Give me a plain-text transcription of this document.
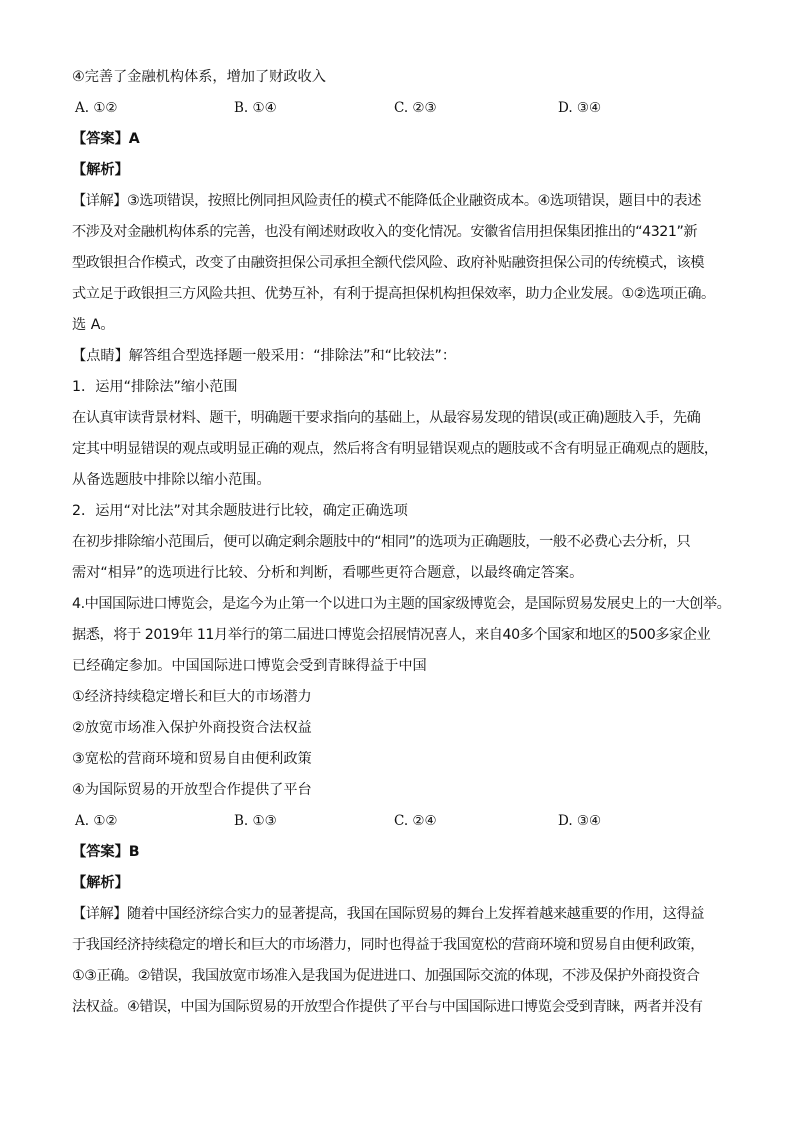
④完善了金融机构体系，增加了财政收入
A. ①②	B. ①④	C. ②③	D. ③④
【答案】A
【解析】
【详解】③选项错误，按照比例同担风险责任的模式不能降低企业融资成本。④选项错误，题目中的表述
不涉及对金融机构体系的完善，也没有阐述财政收入的变化情况。安徽省信用担保集团推出的“4321”新
型政银担合作模式，改变了由融资担保公司承担全额代偿风险、政府补贴融资担保公司的传统模式，该模
式立足于政银担三方风险共担、优势互补，有利于提高担保机构担保效率，助力企业发展。①②选项正确。
选 A。
【点睛】解答组合型选择题一般采用：“排除法”和“比较法”：
1．运用“排除法”缩小范围
在认真审读背景材料、题干，明确题干要求指向的基础上，从最容易发现的错误(或正确)题肢入手，先确
定其中明显错误的观点或明显正确的观点，然后将含有明显错误观点的题肢或不含有明显正确观点的题肢，
从备选题肢中排除以缩小范围。
2．运用“对比法”对其余题肢进行比较，确定正确选项
在初步排除缩小范围后，便可以确定剩余题肢中的“相同”的选项为正确题肢，一般不必费心去分析，只
需对“相异”的选项进行比较、分析和判断，看哪些更符合题意，以最终确定答案。
4.中国国际进口博览会，是迄今为止第一个以进口为主题的国家级博览会，是国际贸易发展史上的一大创举。
据悉，将于 2019年 11月举行的第二届进口博览会招展情况喜人，来自40多个国家和地区的500多家企业
已经确定参加。中国国际进口博览会受到青睐得益于中国
①经济持续稳定增长和巨大的市场潜力
②放宽市场准入保护外商投资合法权益
③宽松的营商环境和贸易自由便利政策
④为国际贸易的开放型合作提供了平台
A. ①②	B. ①③	C. ②④	D. ③④
【答案】B
【解析】
【详解】随着中国经济综合实力的显著提高，我国在国际贸易的舞台上发挥着越来越重要的作用，这得益
于我国经济持续稳定的增长和巨大的市场潜力，同时也得益于我国宽松的营商环境和贸易自由便利政策，
①③正确。②错误，我国放宽市场准入是我国为促进进口、加强国际交流的体现，不涉及保护外商投资合
法权益。④错误，中国为国际贸易的开放型合作提供了平台与中国国际进口博览会受到青睐，两者并没有
